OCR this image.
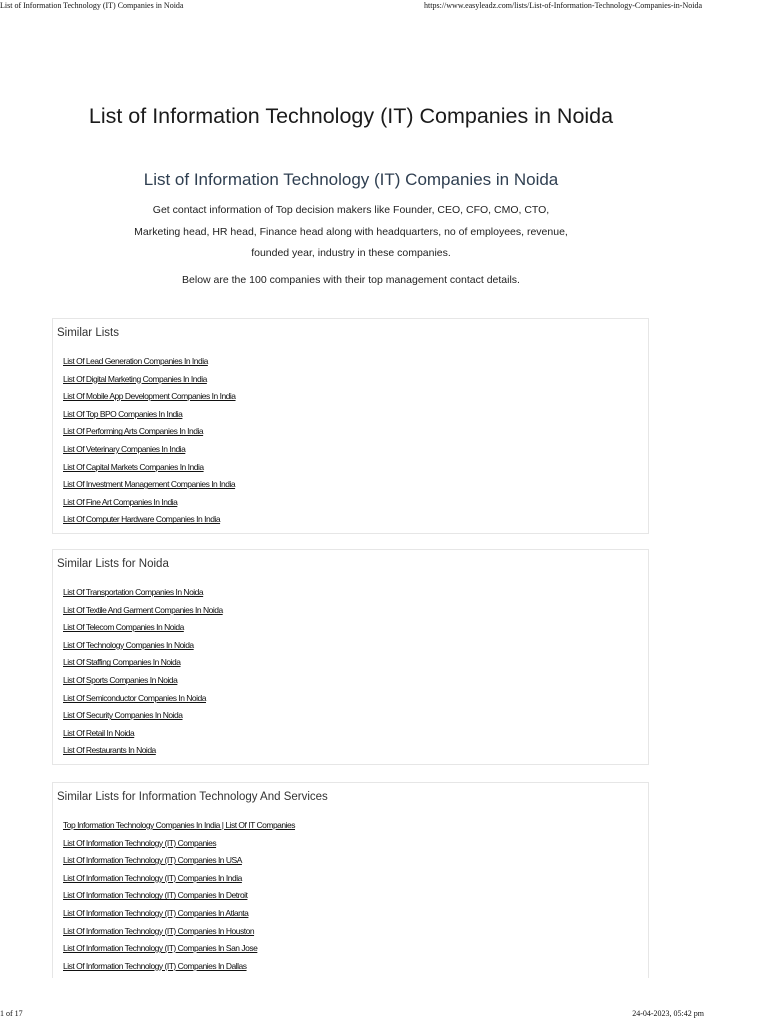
List of Information Technology (IT) Companies in Noida	https://www.easyleadz.com/lists/List-of-Information-Technology-Companies-in-Noida
List of Information Technology (IT) Companies in Noida
List of Information Technology (IT) Companies in Noida

Get contact information of Top decision makers like Founder, CEO, CFO, CMO, CTO,

Marketing head, HR head, Finance head along with headquarters, no of employees, revenue,

founded year, industry in these companies.

Below are the 100 companies with their top management contact details.
Similar Lists
List Of Lead Generation Companies In India
List Of Digital Marketing Companies In India
List Of Mobile App Development Companies In India
List Of Top BPO Companies In India
List Of Performing Arts Companies In India
List Of Veterinary Companies In India
List Of Capital Markets Companies In India
List Of Investment Management Companies In India
List Of Fine Art Companies In India
List Of Computer Hardware Companies In India
Similar Lists for Noida
List Of Transportation Companies In Noida
List Of Textile And Garment Companies In Noida
List Of Telecom Companies In Noida
List Of Technology Companies In Noida
List Of Staffing Companies In Noida
List Of Sports Companies In Noida
List Of Semiconductor Companies In Noida
List Of Security Companies In Noida
List Of Retail In Noida
List Of Restaurants In Noida
Similar Lists for Information Technology And Services
Top Information Technology Companies In India | List Of IT Companies
List Of Information Technology (IT) Companies
List Of Information Technology (IT) Companies In USA
List Of Information Technology (IT) Companies In India
List Of Information Technology (IT) Companies In Detroit
List Of Information Technology (IT) Companies In Atlanta
List Of Information Technology (IT) Companies In Houston
List Of Information Technology (IT) Companies In San Jose
List Of Information Technology (IT) Companies In Dallas
1 of 17	24-04-2023, 05:42 pm
